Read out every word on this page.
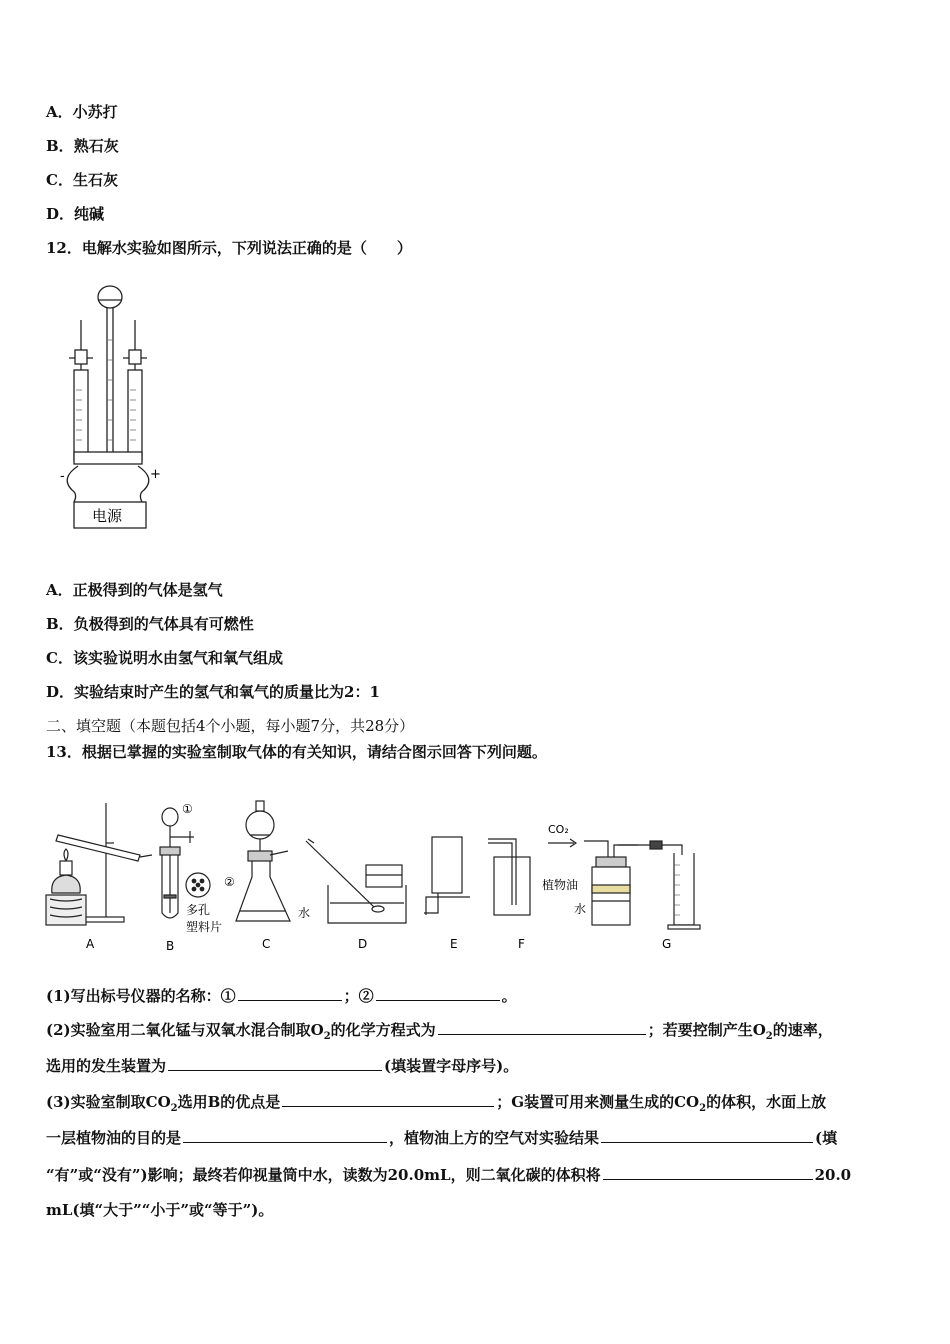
A．小苏打
B．熟石灰
C．生石灰
D．纯碱
12．电解水实验如图所示，下列说法正确的是（　　）
-	+
电源
A．正极得到的气体是氢气
B．负极得到的气体具有可燃性
C．该实验说明水由氢气和氧气组成
D．实验结束时产生的氢气和氧气的质量比为2：1
二、填空题（本题包括4个小题，每小题7分，共28分）
13．根据已掌握的实验室制取气体的有关知识，请结合图示回答下列问题。
①
②
多孔
塑料片
水
CO₂
植物油
水
A	B	C	D	E	F	G
(1)写出标号仪器的名称：①	；②	。
(2)实验室用二氧化锰与双氧水混合制取$O_2$的化学方程式为	；若要控制产生$O_2$的速率，
选用的发生装置为	(填装置字母序号)。
(3)实验室制取$CO_2$选用B的优点是	；G装置可用来测量生成的$CO_2$的体积，水面上放
一层植物油的目的是	，植物油上方的空气对实验结果	(填
“有”或“没有”)影响；最终若仰视量筒中水，读数为20.0mL，则二氧化碳的体积将	20.0
mL(填“大于”“小于”或“等于”)。
